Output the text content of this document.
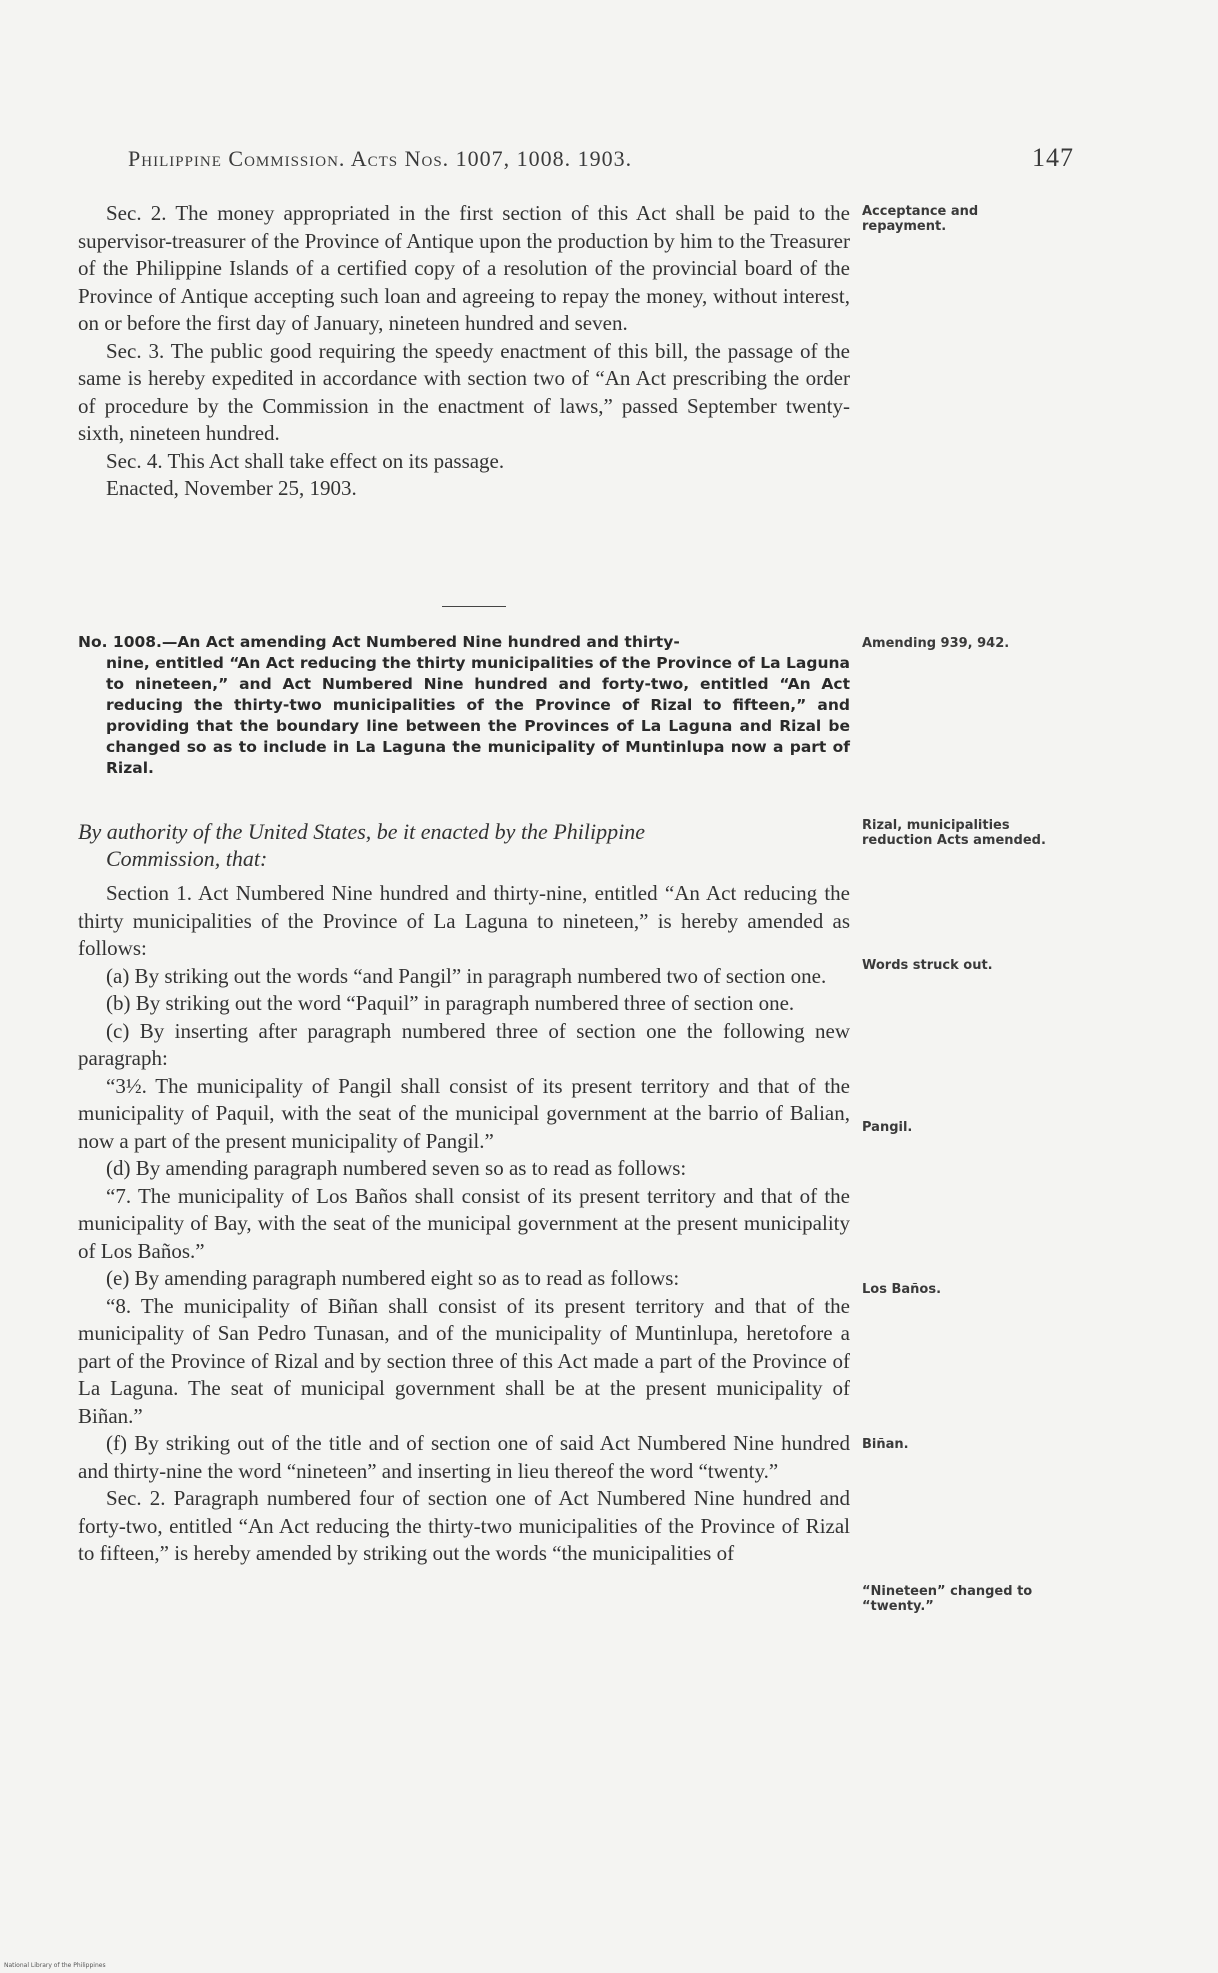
Philippine Commission. Acts Nos. 1007, 1008. 1903.	147

Sec. 2. The money appropriated in the first section of this Act shall be paid to the supervisor-treasurer of the Province of Antique upon the production by him to the Treasurer of the Philippine Islands of a certified copy of a resolution of the provincial board of the Province of Antique accepting such loan and agreeing to repay the money, without interest, on or before the first day of January, nineteen hundred and seven.

Sec. 3. The public good requiring the speedy enactment of this bill, the passage of the same is hereby expedited in accordance with section two of “An Act prescribing the order of procedure by the Commission in the enactment of laws,” passed September twenty-sixth, nineteen hundred.

Sec. 4. This Act shall take effect on its passage.

Enacted, November 25, 1903.

Acceptance and repayment.
No. 1008.—An Act amending Act Numbered Nine hundred and thirty-
nine, entitled “An Act reducing the thirty municipalities of the Province of La Laguna to nineteen,” and Act Numbered Nine hundred and forty-two, entitled “An Act reducing the thirty-two municipalities of the Province of Rizal to fifteen,” and providing that the boundary line between the Provinces of La Laguna and Rizal be changed so as to include in La Laguna the municipality of Muntinlupa now a part of Rizal.
Amending 939, 942.
By authority of the United States, be it enacted by the Philippine
Commission, that:
Rizal, municipalities reduction Acts amended.

Section 1. Act Numbered Nine hundred and thirty-nine, entitled “An Act reducing the thirty municipalities of the Province of La Laguna to nineteen,” is hereby amended as follows:

(a) By striking out the words “and Pangil” in paragraph numbered two of section one.

(b) By striking out the word “Paquil” in paragraph numbered three of section one.

(c) By inserting after paragraph numbered three of section one the following new paragraph:

“3½. The municipality of Pangil shall consist of its present territory and that of the municipality of Paquil, with the seat of the municipal government at the barrio of Balian, now a part of the present municipality of Pangil.”

(d) By amending paragraph numbered seven so as to read as follows:

“7. The municipality of Los Baños shall consist of its present territory and that of the municipality of Bay, with the seat of the municipal government at the present municipality of Los Baños.”

(e) By amending paragraph numbered eight so as to read as follows:

“8. The municipality of Biñan shall consist of its present territory and that of the municipality of San Pedro Tunasan, and of the municipality of Muntinlupa, heretofore a part of the Province of Rizal and by section three of this Act made a part of the Province of La Laguna. The seat of municipal government shall be at the present municipality of Biñan.”

(f) By striking out of the title and of section one of said Act Numbered Nine hundred and thirty-nine the word “nineteen” and inserting in lieu thereof the word “twenty.”

Sec. 2. Paragraph numbered four of section one of Act Numbered Nine hundred and forty-two, entitled “An Act reducing the thirty-two municipalities of the Province of Rizal to fifteen,” is hereby amended by striking out the words “the municipalities of

Words struck out.
Pangil.
Los Baños.
Biñan.
“Nineteen” changed to “twenty.”
National Library of the Philippines
